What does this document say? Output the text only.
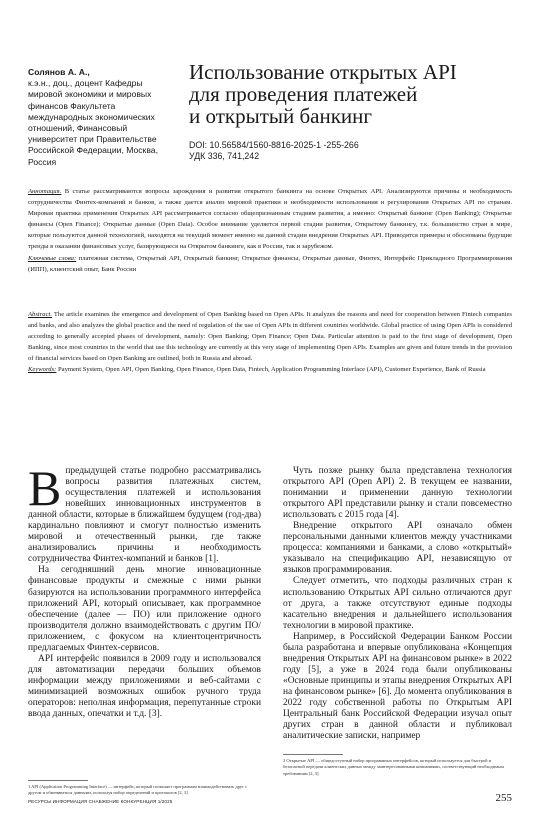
Солянов А. А.,
к.э.н., доц., доцент Кафедры
мировой экономики и мировых
финансов Факультета
международных экономических
отношений, Финансовый
университет при Правительстве
Российской Федерации, Москва,
Россия
Использование открытых API
для проведения платежей
и открытый банкинг
DOI: 10.56584/1560-8816-2025-1 -255-266
УДК 336, 741,242

Аннотация. В статье рассматриваются вопросы зарождения и развития открытого банкинга на основе Открытых API. Анализируются причины и необходимость сотрудничества Финтех-компаний и банков, а также дается анализ мировой практики и необходимости использования и регулирования Открытых API по странам. Мировая практика применения Открытых API рассматривается согласно общепризнанным стадиям развития, а именно: Открытый банкинг (Open Banking); Открытые финансы (Open Finance); Открытые данные (Open Data). Особое внимание уделяется первой стадии развития, Открытому банкингу, т.к. большинство стран в мире, которые пользуются данной технологией, находятся на текущий момент именно на данной стадии внедрения Открытых API. Приводятся примеры и обоснованы будущие тренды в оказании финансовых услуг, базирующиеся на Открытом банкинге, как в России, так и зарубежом.

Ключевые слова: платежная система, Открытый API, Открытый банкинг, Открытые финансы, Открытые данные, Финтех, Интерфейс Прикладного Программирования (ИПП), клиентский опыт, Банк России

Abstract. The article examines the emergence and development of Open Banking based on Open APIs. It analyzes the reasons and need for cooperation between Fintech companies and banks, and also analyzes the global practice and the need of regulation of the use of Open APIs in different countries worldwide. Global practice of using Open APIs is considered according to generally accepted phases of development, namely: Open Banking; Open Finance; Open Data. Particular attention is paid to the first stage of development, Open Banking, since most countries in the world that use this technology are currently at this very stage of implementing Open APIs. Examples are given and future trends in the provision of financial services based on Open Banking are outlined, both in Russia and abroad.

Keywords: Payment System, Open API, Open Banking, Open Finance, Open Data, Fintech, Application Programming Interface (API), Customer Experience, Bank of Russia

В предыдущей статье подробно рассматривались вопросы развития платежных систем, осуществления платежей и использования новейших инновационных инструментов в данной области, которые в ближайшем будущем (год-два) кардинально повлияют и смогут полностью изменить мировой и отечественный рынки, где также анализировались причины и необходимость сотрудничества Финтех-компаний и банков [1].

На сегодняшний день многие инновационные финансовые продукты и смежные с ними рынки базируются на использовании программного интерфейса приложений API, который описывает, как программное обеспечение (далее — ПО) или приложение одного производителя должно взаимодействовать с другим ПО/приложением, с фокусом на клиентоцентричность предлагаемых Финтех-сервисов.

API интерфейс появился в 2009 году и использовался для автоматизации передачи больших объемов информации между приложениями и веб-сайтами с минимизацией возможных ошибок ручного труда операторов: неполная информация, перепутанные строки ввода данных, опечатки и т.д. [3].

Чуть позже рынку была представлена технология открытого API (Open API) 2. В текущем ее названии, понимании и применении данную технологии открытого API представили рынку и стали повсеместно использовать с 2015 года [4].

Внедрение открытого API означало обмен персональными данными клиентов между участниками процесса: компаниями и банками, а слово «открытый» указывало на спецификацию API, независящую от языков программирования.

Следует отметить, что подходы различных стран к использованию Открытых API сильно отличаются друг от друга, а также отсутствуют единые подходы касательно внедрения и дальнейшего использования технологии в мировой практике.

Например, в Российской Федерации Банком России была разработана и впервые опубликована «Концепция внедрения Открытых API на финансовом рынке» в 2022 году [5], а уже в 2024 года были опубликованы «Основные принципы и этапы внедрения Открытых API на финансовом рынке» [6]. До момента опубликования в 2022 году собственной работы по Открытым API Центральный банк Российской Федерации изучал опыт других стран в данной области и публиковал аналитические записки, например

1 API (Application Programming Interface) — интерфейс, который позволяет программам взаимодействовать друг с другом и обмениваться данными, используя набор определений и протоколов [2, 3].
2 Открытые API — общедоступный набор программных интерфейсов, который используется для быстрой и безопасной передачи клиентских данных между заинтересованными компаниями, соответствующий необходимым требованиям [2, 3].
РЕСУРСЫ ИНФОРМАЦИЯ СНАБЖЕНИЕ КОНКУРЕНЦИЯ 1/2025	255
